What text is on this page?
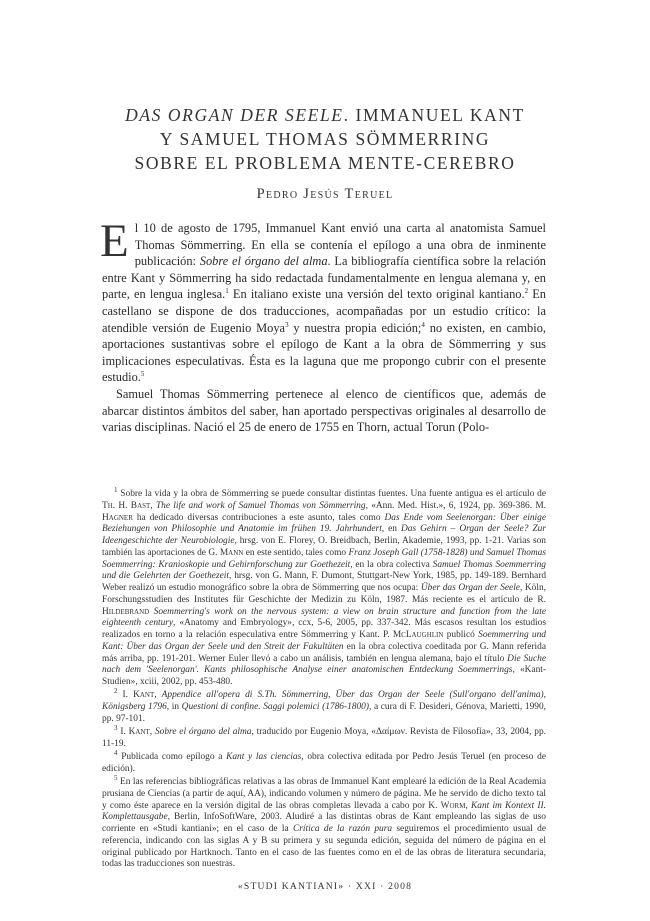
DAS ORGAN DER SEELE. IMMANUEL KANT
Y SAMUEL THOMAS SÖMMERRING
SOBRE EL PROBLEMA MENTE-CEREBRO
Pedro Jesús Teruel

El 10 de agosto de 1795, Immanuel Kant envió una carta al anatomista Samuel Thomas Sömmerring. En ella se contenía el epílogo a una obra de inminente publicación: Sobre el órgano del alma. La bibliografía científica sobre la relación entre Kant y Sömmerring ha sido redactada fundamentalmente en lengua alemana y, en parte, en lengua inglesa.$^1$ En italiano existe una versión del texto original kantiano.$^2$ En castellano se dispone de dos traducciones, acompañadas por un estudio crítico: la atendible versión de Eugenio Moya$^3$ y nuestra propia edición;$^4$ no existen, en cambio, aportaciones sustantivas sobre el epílogo de Kant a la obra de Sömmerring y sus implicaciones especulativas. Ésta es la laguna que me propongo cubrir con el presente estudio.$^5$

Samuel Thomas Sömmerring pertenece al elenco de científicos que, además de abarcar distintos ámbitos del saber, han aportado perspectivas originales al desarrollo de varias disciplinas. Nació el 25 de enero de 1755 en Thorn, actual Torun (Polo-

$^1$ Sobre la vida y la obra de Sömmerring se puede consultar distintas fuentes. Una fuente antigua es el artículo de Th. H. Bast, The life and work of Samuel Thomas von Sömmerring, «Ann. Med. Hist.», 6, 1924, pp. 369-386. M. Hagner ha dedicado diversas contribuciones a este asunto, tales como Das Ende vom Seelenorgan: Über einige Beziehungen von Philosophie und Anatomie im frühen 19. Jahrhundert, en Das Gehirn – Organ der Seele? Zur Ideengeschichte der Neurobiologie, hrsg. von E. Florey, O. Breidbach, Berlin, Akademie, 1993, pp. 1-21. Varias son también las aportaciones de G. Mann en este sentido, tales como Franz Joseph Gall (1758-1828) und Samuel Thomas Soemmerring: Kranioskopie und Gehirnforschung zur Goethezeit, en la obra colectiva Samuel Thomas Soemmerring und die Gelehrten der Goethezeit, hrsg. von G. Mann, F. Dumont, Stuttgart-New York, 1985, pp. 149-189. Bernhard Weber realizó un estudio monográfico sobre la obra de Sömmerring que nos ocupa: Über das Organ der Seele, Köln, Forschungsstudien des Institutes für Geschichte der Medizin zu Köln, 1987. Más reciente es el artículo de R. Hildebrand Soemmerring's work on the nervous system: a view on brain structure and function from the late eighteenth century, «Anatomy and Embryology», ccx, 5-6, 2005, pp. 337-342. Más escasos resultan los estudios realizados en torno a la relación especulativa entre Sömmerring y Kant. P. McLaughlin publicó Soemmerring und Kant: Über das Organ der Seele und den Streit der Fakultäten en la obra colectiva coeditada por G. Mann referida más arriba, pp. 191-201. Werner Euler llevó a cabo un análisis, también en lengua alemana, bajo el título Die Suche nach dem 'Seelenorgan'. Kants philosophische Analyse einer anatomischen Entdeckung Soemmerrings, «Kant-Studien», xciii, 2002, pp. 453-480.

$^2$ I. Kant, Appendice all'opera di S.Th. Sömmerring, Über das Organ der Seele (Sull'organo dell'anima), Königsberg 1796, in Questioni di confine. Saggi polemici (1786-1800), a cura di F. Desideri, Génova, Marietti, 1990, pp. 97-101.

$^3$ I. Kant, Sobre el órgano del alma, traducido por Eugenio Moya, «Δαίμων. Revista de Filosofía», 33, 2004, pp. 11-19.

$^4$ Publicada como epílogo a Kant y las ciencias, obra colectiva editada por Pedro Jesús Teruel (en proceso de edición).

$^5$ En las referencias bibliográficas relativas a las obras de Immanuel Kant emplearé la edición de la Real Academia prusiana de Ciencias (a partir de aquí, AA), indicando volumen y número de página. Me he servido de dicho texto tal y como éste aparece en la versión digital de las obras completas llevada a cabo por K. Worm, Kant im Kontext II. Komplettausgabe, Berlin, InfoSoftWare, 2003. Aludiré a las distintas obras de Kant empleando las siglas de uso corriente en «Studi kantiani»; en el caso de la Crítica de la razón pura seguiremos el procedimiento usual de referencia, indicando con las siglas A y B su primera y su segunda edición, seguida del número de página en el original publicado por Hartknoch. Tanto en el caso de las fuentes como en el de las obras de literatura secundaria, todas las traducciones son nuestras.

«STUDI KANTIANI» · XXI · 2008
